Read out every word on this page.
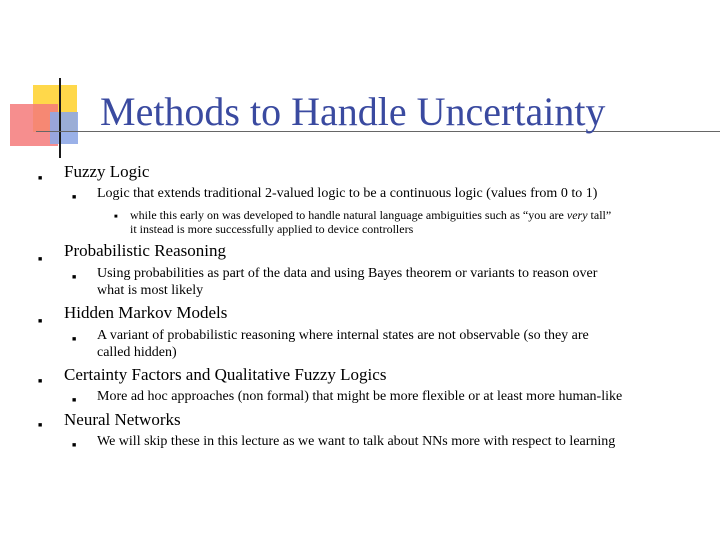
Methods to Handle Uncertainty
■ Fuzzy Logic
■ Logic that extends traditional 2-valued logic to be a continuous logic (values from 0 to 1)
■ while this early on was developed to handle natural language ambiguities such as “you are very tall”
it instead is more successfully applied to device controllers
■ Probabilistic Reasoning
■ Using probabilities as part of the data and using Bayes theorem or variants to reason over
what is most likely
■ Hidden Markov Models
■ A variant of probabilistic reasoning where internal states are not observable (so they are
called hidden)
■ Certainty Factors and Qualitative Fuzzy Logics
■ More ad hoc approaches (non formal) that might be more flexible or at least more human-like
■ Neural Networks
■ We will skip these in this lecture as we want to talk about NNs more with respect to learning
